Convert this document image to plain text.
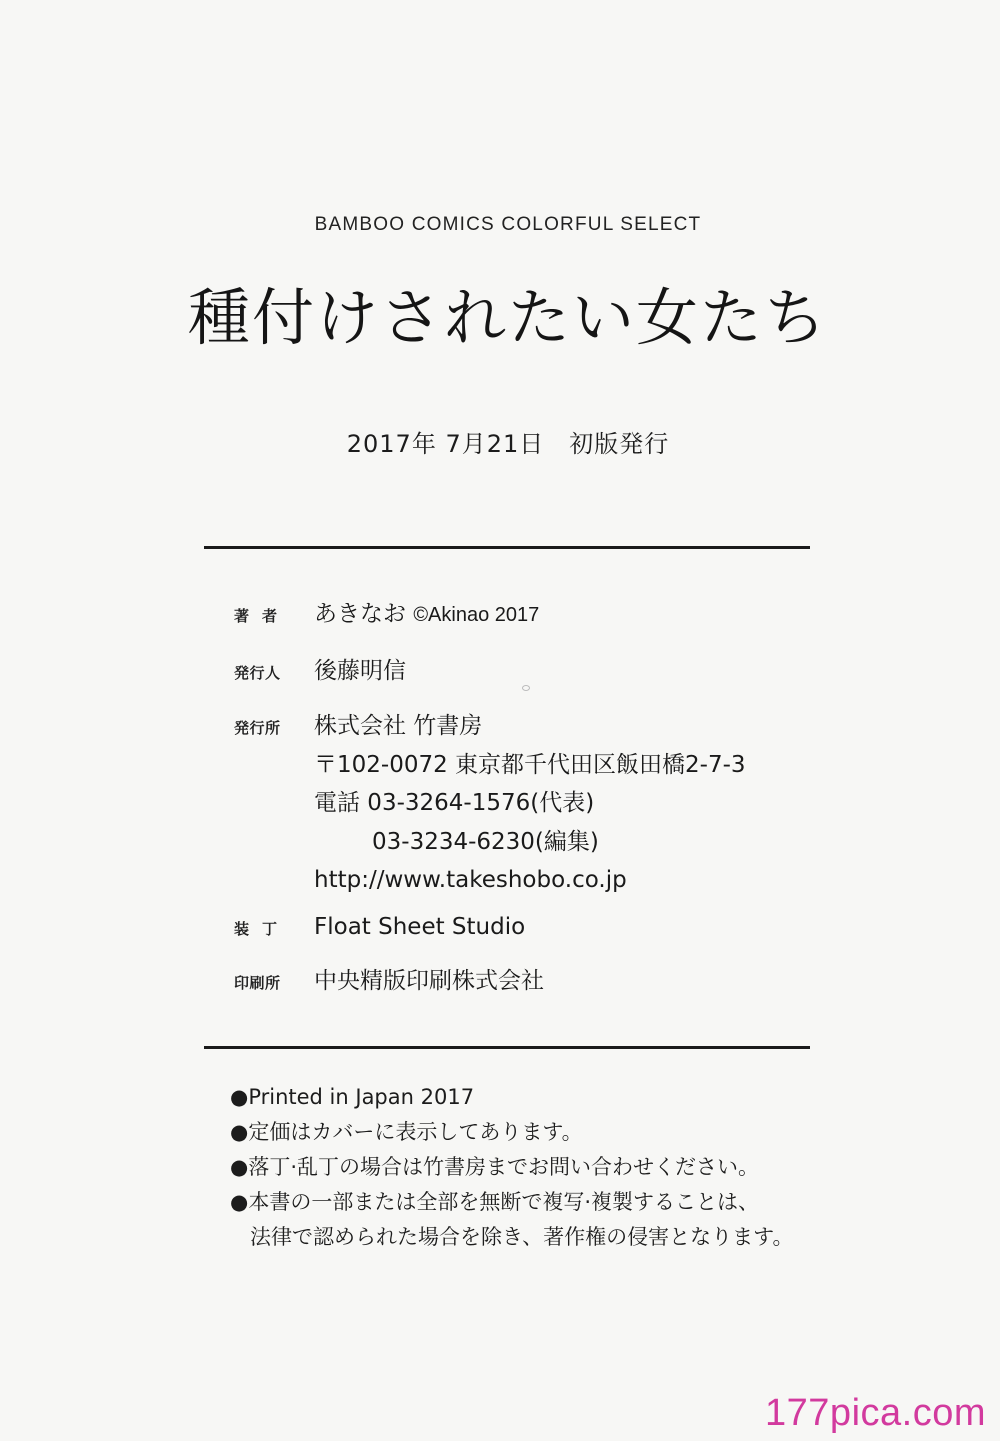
BAMBOO COMICS COLORFUL SELECT
種付けされたい女たち
2017年 7月21日　初版発行
著者	あきなお ©Akinao 2017
発行人	後藤明信
発行所	株式会社 竹書房
〒102-0072 東京都千代田区飯田橋2-7-3
電話 03-3264-1576(代表)
03-3234-6230(編集)
http://www.takeshobo.co.jp
装丁	Float Sheet Studio
印刷所	中央精版印刷株式会社
●Printed in Japan 2017
●定価はカバーに表示してあります。
●落丁·乱丁の場合は竹書房までお問い合わせください。
●本書の一部または全部を無断で複写·複製することは、
法律で認められた場合を除き、著作権の侵害となります。
177pica.com
